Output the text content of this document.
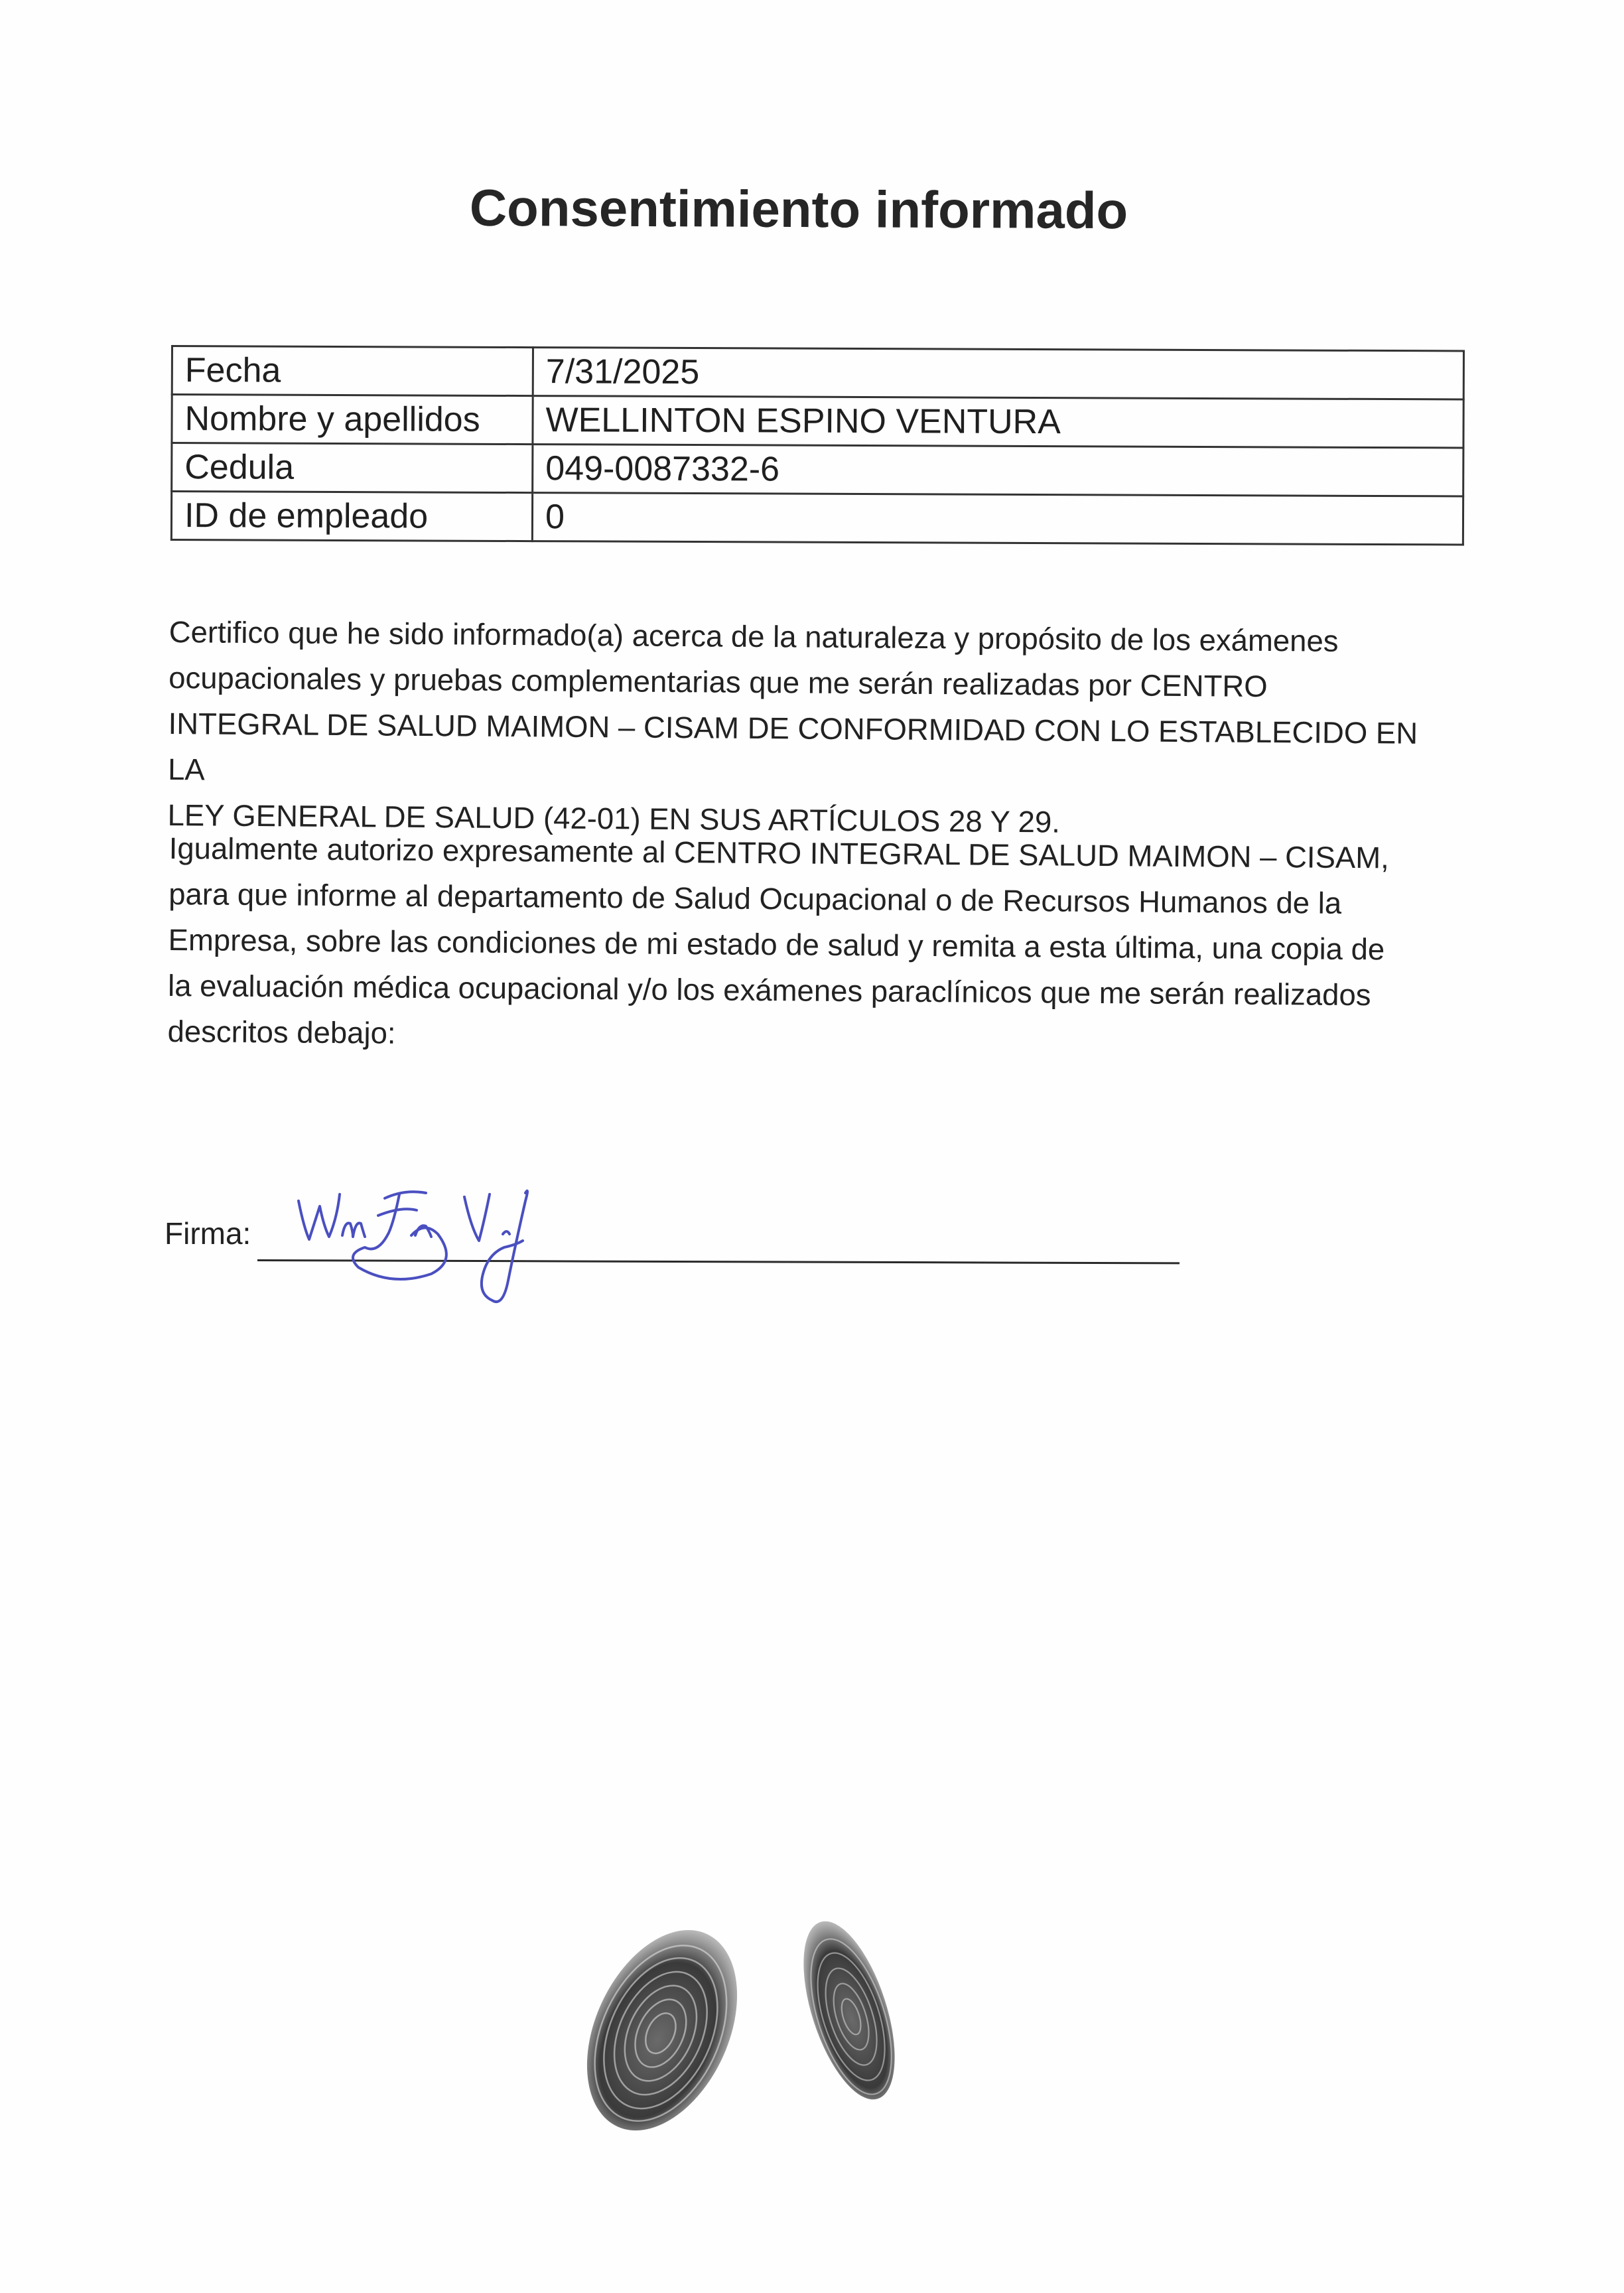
Consentimiento informado
Fecha	7/31/2025
Nombre y apellidos	WELLINTON ESPINO VENTURA
Cedula	049-0087332-6
ID de empleado	0

Certifico que he sido informado(a) acerca de la naturaleza y propósito de los exámenes
ocupacionales y pruebas complementarias que me serán realizadas por CENTRO
INTEGRAL DE SALUD MAIMON – CISAM DE CONFORMIDAD CON LO ESTABLECIDO EN LA
LEY GENERAL DE SALUD (42-01) EN SUS ARTÍCULOS 28 Y 29.

Igualmente autorizo expresamente al CENTRO INTEGRAL DE SALUD MAIMON – CISAM,
para que informe al departamento de Salud Ocupacional o de Recursos Humanos de la
Empresa, sobre las condiciones de mi estado de salud y remita a esta última, una copia de
la evaluación médica ocupacional y/o los exámenes paraclínicos que me serán realizados
descritos debajo:

Firma:
